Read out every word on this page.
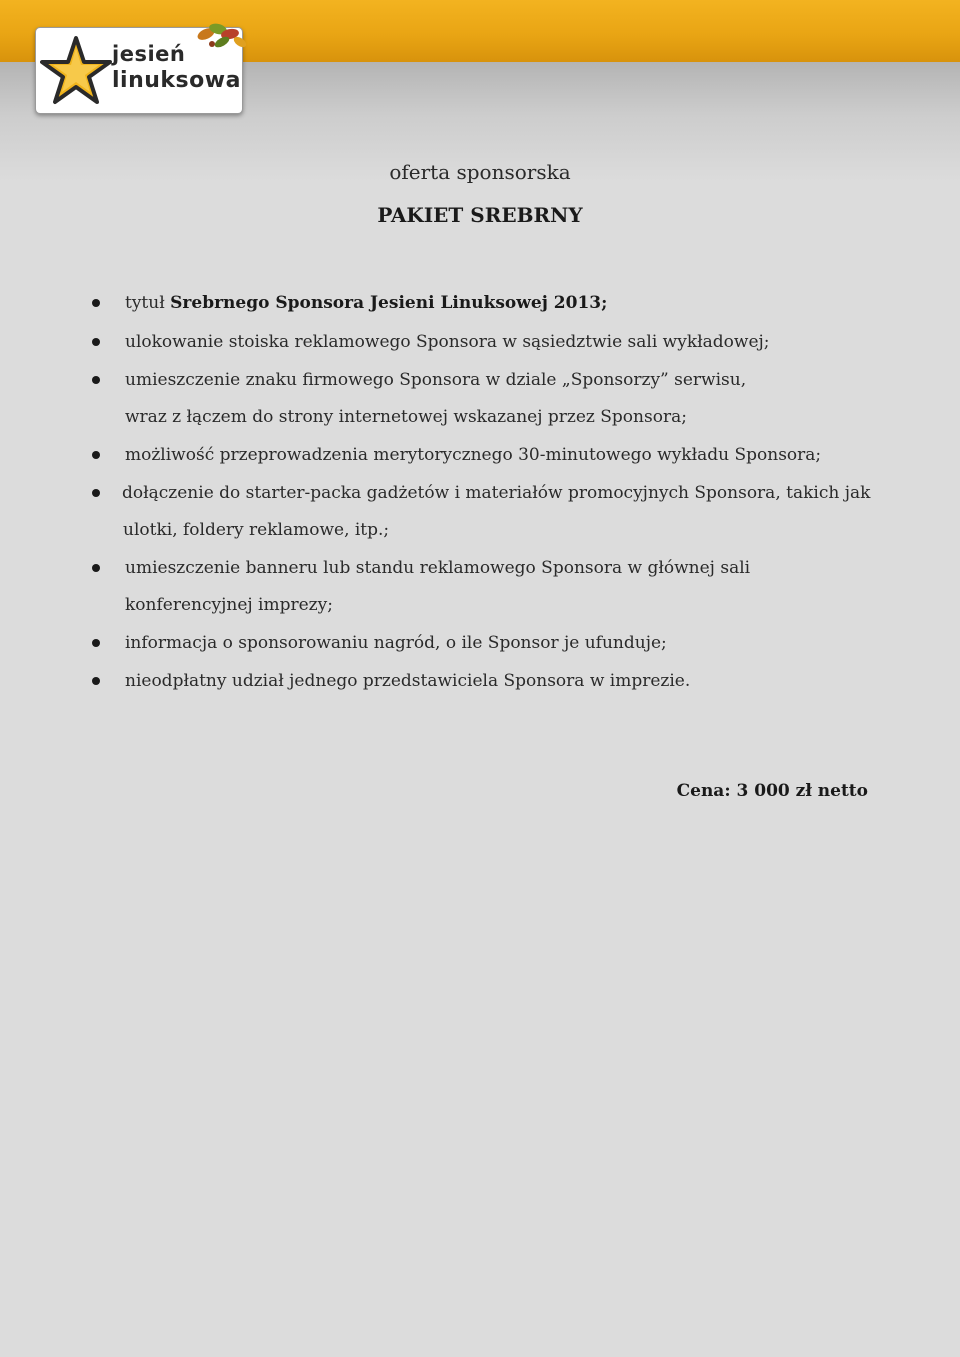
jesień
linuksowa
oferta sponsorska
PAKIET SREBRNY
tytuł Srebrnego Sponsora Jesieni Linuksowej 2013;
ulokowanie stoiska reklamowego Sponsora w sąsiedztwie sali wykładowej;
umieszczenie znaku firmowego Sponsora w dziale „Sponsorzy” serwisu,
wraz z łączem do strony internetowej wskazanej przez Sponsora;
możliwość przeprowadzenia merytorycznego 30-minutowego wykładu Sponsora;
dołączenie do starter-packa gadżetów i materiałów promocyjnych Sponsora, takich jak
ulotki, foldery reklamowe, itp.;
umieszczenie banneru lub standu reklamowego Sponsora w głównej sali
konferencyjnej imprezy;
informacja o sponsorowaniu nagród, o ile Sponsor je ufunduje;
nieodpłatny udział jednego przedstawiciela Sponsora w imprezie.
Cena: 3 000 zł netto
